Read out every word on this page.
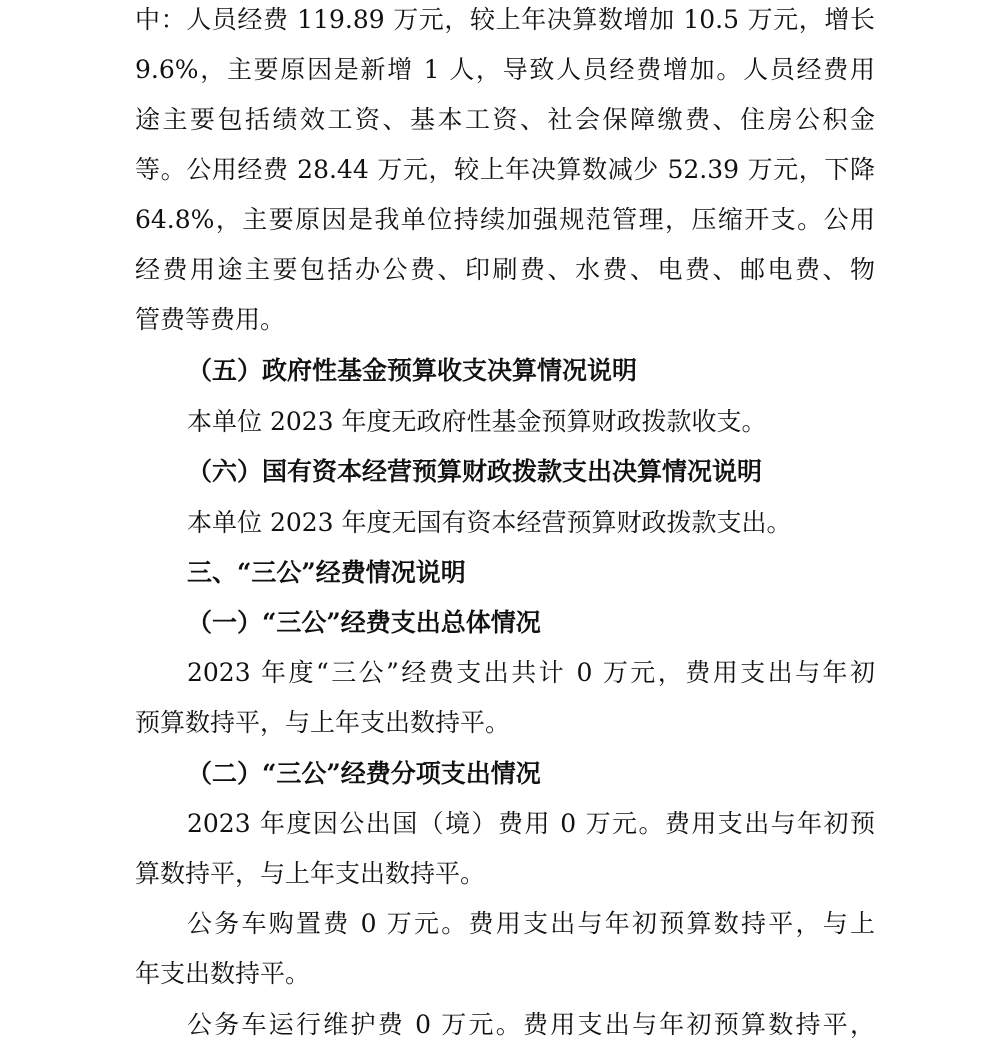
中：人员经费 119.89 万元，较上年决算数增加 10.5 万元，增长
9.6%，主要原因是新增 1 人，导致人员经费增加。人员经费用
途主要包括绩效工资、基本工资、社会保障缴费、住房公积金
等。公用经费 28.44 万元，较上年决算数减少 52.39 万元，下降
64.8%，主要原因是我单位持续加强规范管理，压缩开支。公用
经费用途主要包括办公费、印刷费、水费、电费、邮电费、物
管费等费用。
（五）政府性基金预算收支决算情况说明
本单位 2023 年度无政府性基金预算财政拨款收支。
（六）国有资本经营预算财政拨款支出决算情况说明
本单位 2023 年度无国有资本经营预算财政拨款支出。
三、“三公”经费情况说明
（一）“三公”经费支出总体情况
2023 年度“三公”经费支出共计 0 万元，费用支出与年初
预算数持平，与上年支出数持平。
（二）“三公”经费分项支出情况
2023 年度因公出国（境）费用 0 万元。费用支出与年初预
算数持平，与上年支出数持平。
公务车购置费 0 万元。费用支出与年初预算数持平，与上
年支出数持平。
公务车运行维护费 0 万元。费用支出与年初预算数持平，
